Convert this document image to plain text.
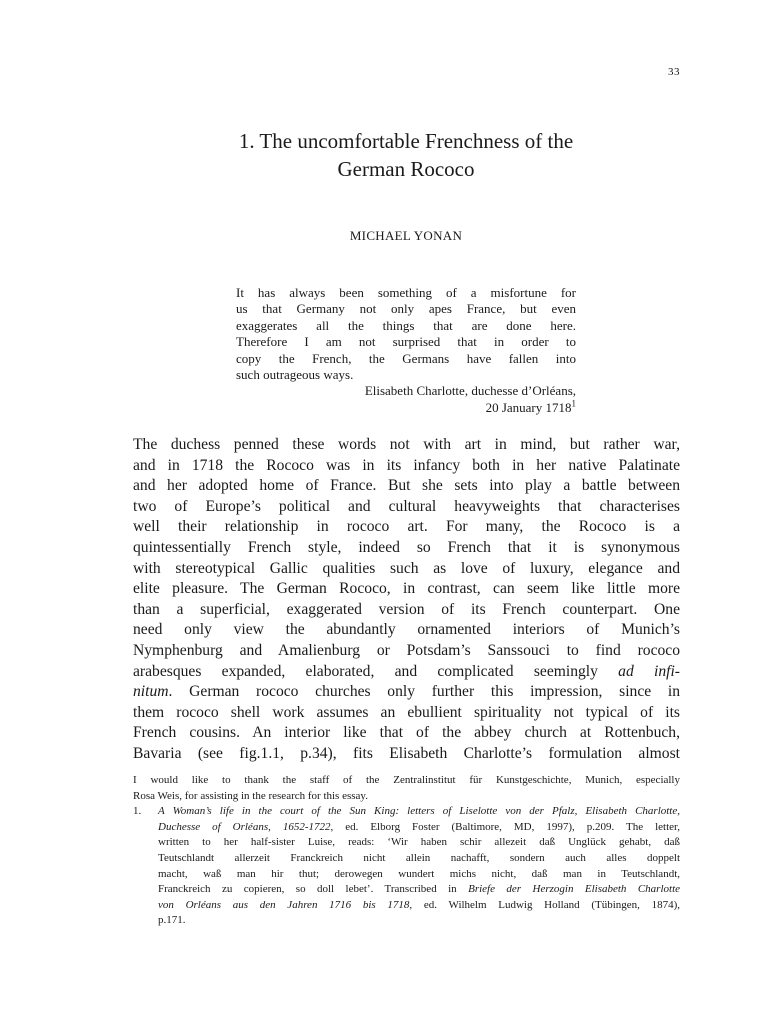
33
1. The uncomfortable Frenchness of the
German Rococo
MICHAEL YONAN
It has always been something of a misfortune for
us that Germany not only apes France, but even
exaggerates all the things that are done here.
Therefore I am not surprised that in order to
copy the French, the Germans have fallen into
such outrageous ways.
Elisabeth Charlotte, duchesse d’Orléans,
20 January 1718$^1$
The duchess penned these words not with art in mind, but rather war,
and in 1718 the Rococo was in its infancy both in her native Palatinate
and her adopted home of France. But she sets into play a battle between
two of Europe’s political and cultural heavyweights that characterises
well their relationship in rococo art. For many, the Rococo is a
quintessentially French style, indeed so French that it is synonymous
with stereotypical Gallic qualities such as love of luxury, elegance and
elite pleasure. The German Rococo, in contrast, can seem like little more
than a superficial, exaggerated version of its French counterpart. One
need only view the abundantly ornamented interiors of Munich’s
Nymphenburg and Amalienburg or Potsdam’s Sanssouci to find rococo
arabesques expanded, elaborated, and complicated seemingly ad infi-
nitum. German rococo churches only further this impression, since in
them rococo shell work assumes an ebullient spirituality not typical of its
French cousins. An interior like that of the abbey church at Rottenbuch,
Bavaria (see fig.1.1, p.34), fits Elisabeth Charlotte’s formulation almost
I would like to thank the staff of the Zentralinstitut für Kunstgeschichte, Munich, especially
Rosa Weis, for assisting in the research for this essay.
1. A Woman’s life in the court of the Sun King: letters of Liselotte von der Pfalz, Elisabeth Charlotte,
Duchesse of Orléans, 1652-1722, ed. Elborg Foster (Baltimore, MD, 1997), p.209. The letter,
written to her half-sister Luise, reads: ‘Wir haben schir allezeit daß Unglück gehabt, daß
Teutschlandt allerzeit Franckreich nicht allein nachafft, sondern auch alles doppelt
macht, waß man hir thut; derowegen wundert michs nicht, daß man in Teutschlandt,
Franckreich zu copieren, so doll lebet’. Transcribed in Briefe der Herzogin Elisabeth Charlotte
von Orléans aus den Jahren 1716 bis 1718, ed. Wilhelm Ludwig Holland (Tübingen, 1874),
p.171.
